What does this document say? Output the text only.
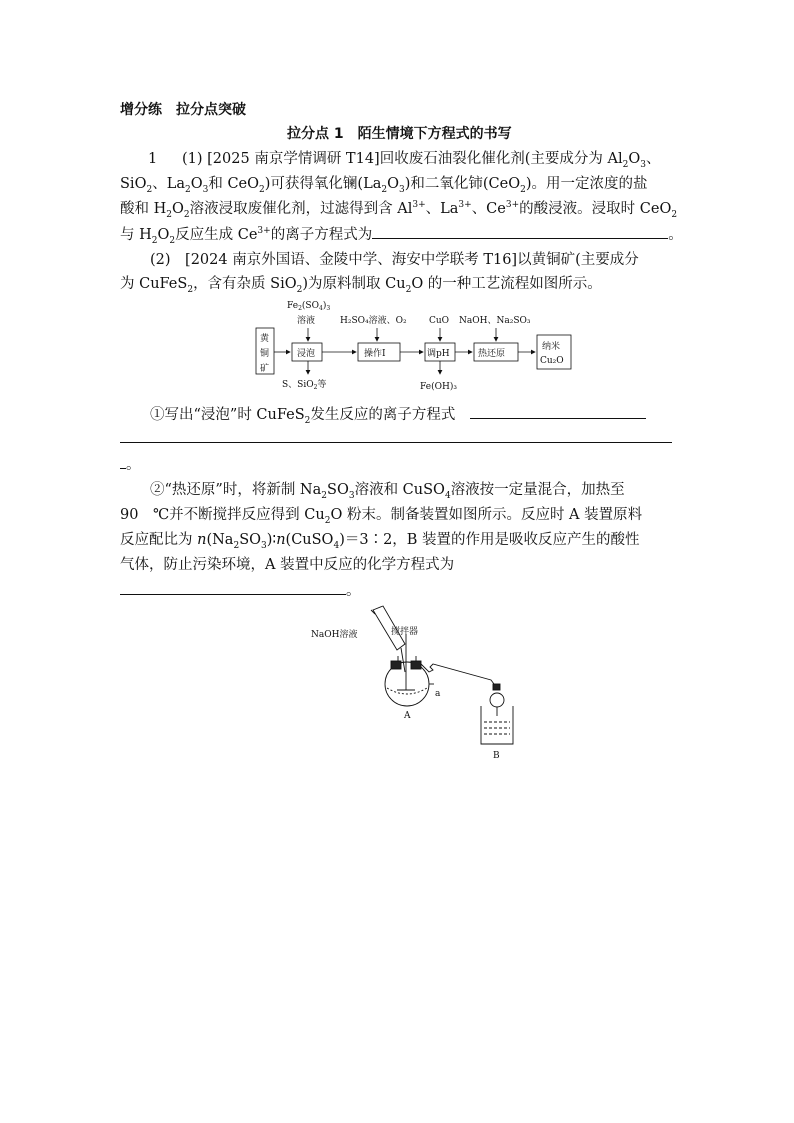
增分练　拉分点突破
拉分点 1　陌生情境下方程式的书写
1 (1) [2025 南京学情调研 T14]回收废石油裂化催化剂(主要成分为 $Al_2O_3$、
SiO$_2$、$La_2O_3$和 CeO$_2$)可获得氧化镧$(La_2O_3)$和二氧化铈(CeO$_2$)。用一定浓度的盐
酸和 $H_2O_2$溶液浸取废催化剂，过滤得到含 $Al^{3+}$、$La^{3+}$、$Ce^{3+}$的酸浸液。浸取时 CeO$_2$
与 $H_2O_2$反应生成 $Ce^{3+}$的离子方程式为	。
(2)　[2024 南京外国语、金陵中学、海安中学联考 T16]以黄铜矿(主要成分
为 CuFeS$_2$，含有杂质 SiO$_2$)为原料制取 $Cu_2O$ 的一种工艺流程如图所示。
黄
铜
矿
$Fe_2(SO_4)_3$
溶液
浸泡
S、SiO$_2$等
H₂SO₄溶液、O₂
操作Ⅰ
CuO
调pH
Fe(OH)₃
NaOH、Na₂SO₃
热还原
纳米
Cu₂O
①写出“浸泡”时 CuFeS$_2$发生反应的离子方程式　
。
②“热还原”时，将新制 $Na_2SO_3$溶液和 CuSO$_4$溶液按一定量混合，加热至
90　℃并不断搅拌反应得到 $Cu_2O$ 粉末。制备装置如图所示。反应时 A 装置原料
反应配比为 $n(Na_2SO_3)∶n(CuSO_4)=3∶2$，B 装置的作用是吸收反应产生的酸性
气体，防止污染环境，A 装置中反应的化学方程式为
。
NaOH溶液	搅拌器
a
A
B
